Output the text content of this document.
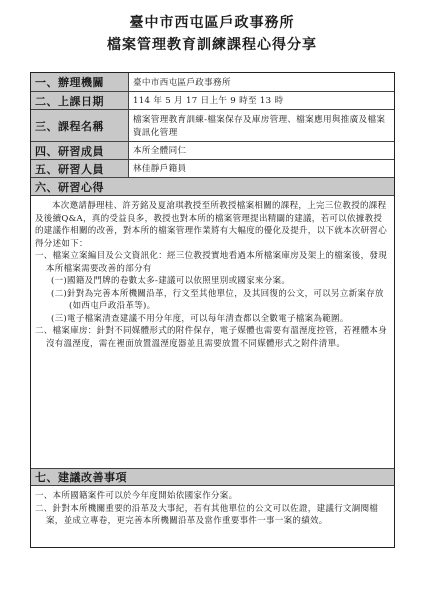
臺中市西屯區戶政事務所
檔案管理教育訓練課程心得分享
一、辦理機關	臺中市西屯區戶政事務所
二、上課日期	114 年 5 月 17 日上午 9 時至 13 時
三、課程名稱	檔案管理教育訓練-檔案保存及庫房管理、檔案應用與推廣及檔案資訊化管理
四、研習成員	本所全體同仁
五、研習人員	林佳靜戶籍員
六、研習心得

本次邀請靜理桂、許芳銘及夏滄琪教授至所教授檔案相關的課程，上完三位教授的課程及後續Q&A，真的受益良多，教授也對本所的檔案管理提出精闢的建議，若可以依據教授的建議作相關的改善，對本所的檔案管理作業將有大幅度的優化及提升，以下就本次研習心得分述如下：

一、檔案立案編目及公文資訊化：經三位教授實地看過本所檔案庫房及架上的檔案後，發現本所檔案需要改善的部分有

(一)國籍及門牌的卷數太多-建議可以依照里別或國家來分案。

(二)針對為完善本所機關沿革，行文至其他單位，及其回復的公文，可以另立新案存放(如西屯戶政沿革等)。

(三)電子檔案清查建議不用分年度，可以每年清查都以全數電子檔案為範圍。

二、檔案庫房：針對不同媒體形式的附件保存，電子媒體也需要有溫溼度控管，若裡體本身沒有溫溼度，需在裡面放置溫溼度器並且需要放置不同媒體形式之附件清單。

七、建議改善事項

一、本所國籍案件可以於今年度開始依國家作分案。

二、針對本所機關重要的沿革及大事紀，若有其他單位的公文可以佐證，建議行文調閱檔案，並成立專卷，更完善本所機關沿革及當作重要事件一事一案的績效。
